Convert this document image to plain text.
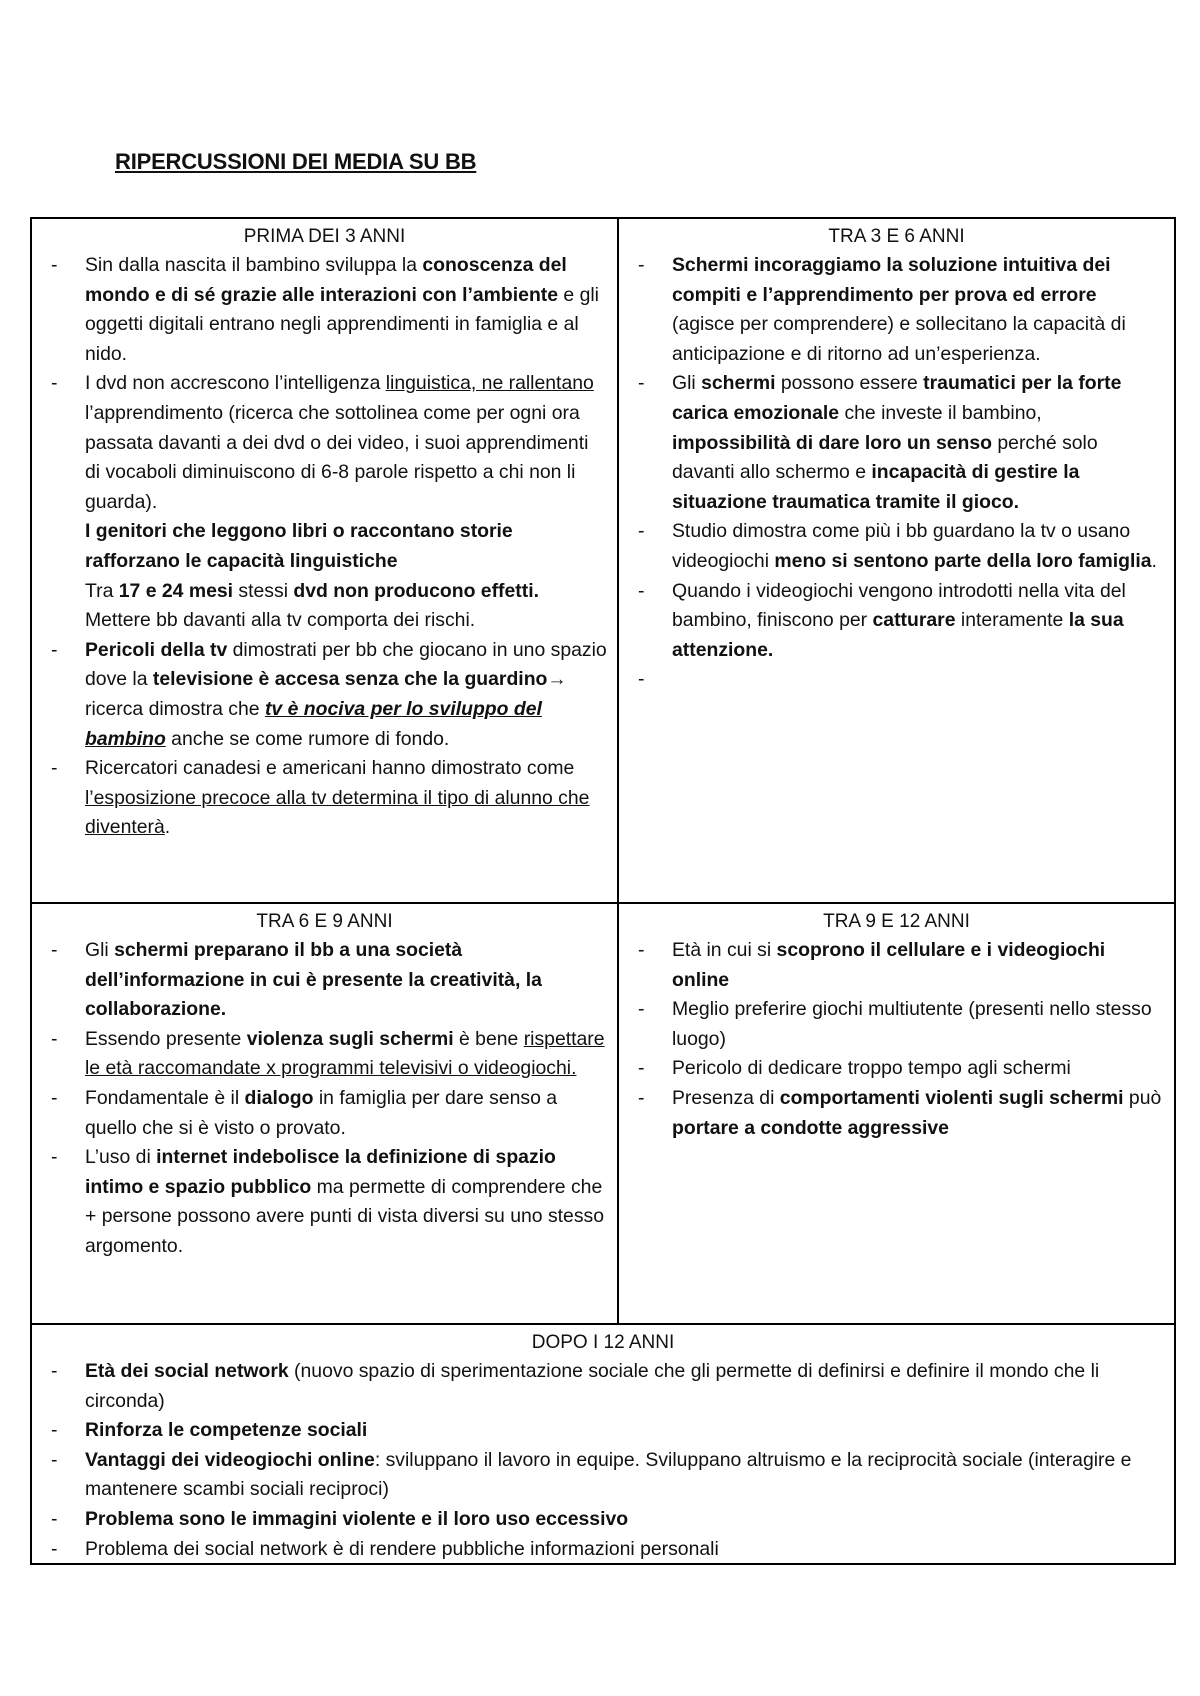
RIPERCUSSIONI DEI MEDIA SU BB
PRIMA DEI 3 ANNI
- Sin dalla nascita il bambino sviluppa la conoscenza del mondo e di sé grazie alle interazioni con l’ambiente e gli oggetti digitali entrano negli apprendimenti in famiglia e al nido.
- I dvd non accrescono l’intelligenza linguistica, ne rallentano l’apprendimento (ricerca che sottolinea come per ogni ora passata davanti a dei dvd o dei video, i suoi apprendimenti di vocaboli diminuiscono di 6-8 parole rispetto a chi non li guarda).
I genitori che leggono libri o raccontano storie rafforzano le capacità linguistiche
Tra 17 e 24 mesi stessi dvd non producono effetti. Mettere bb davanti alla tv comporta dei rischi.
- Pericoli della tv dimostrati per bb che giocano in uno spazio dove la televisione è accesa senza che la guardino→ ricerca dimostra che tv è nociva per lo sviluppo del bambino anche se come rumore di fondo.
- Ricercatori canadesi e americani hanno dimostrato come l’esposizione precoce alla tv determina il tipo di alunno che diventerà.
TRA 3 E 6 ANNI
- Schermi incoraggiamo la soluzione intuitiva dei compiti e l’apprendimento per prova ed errore (agisce per comprendere) e sollecitano la capacità di anticipazione e di ritorno ad un’esperienza.
- Gli schermi possono essere traumatici per la forte carica emozionale che investe il bambino, impossibilità di dare loro un senso perché solo davanti allo schermo e incapacità di gestire la situazione traumatica tramite il gioco.
- Studio dimostra come più i bb guardano la tv o usano videogiochi meno si sentono parte della loro famiglia.
- Quando i videogiochi vengono introdotti nella vita del bambino, finiscono per catturare interamente la sua attenzione.
TRA 6 E 9 ANNI
- Gli schermi preparano il bb a una società dell’informazione in cui è presente la creatività, la collaborazione.
- Essendo presente violenza sugli schermi è bene rispettare le età raccomandate x programmi televisivi o videogiochi.
- Fondamentale è il dialogo in famiglia per dare senso a quello che si è visto o provato.
- L’uso di internet indebolisce la definizione di spazio intimo e spazio pubblico ma permette di comprendere che + persone possono avere punti di vista diversi su uno stesso argomento.
TRA 9 E 12 ANNI
- Età in cui si scoprono il cellulare e i videogiochi online
- Meglio preferire giochi multiutente (presenti nello stesso luogo)
- Pericolo di dedicare troppo tempo agli schermi
- Presenza di comportamenti violenti sugli schermi può portare a condotte aggressive
DOPO I 12 ANNI
- Età dei social network (nuovo spazio di sperimentazione sociale che gli permette di definirsi e definire il mondo che li circonda)
- Rinforza le competenze sociali
- Vantaggi dei videogiochi online: sviluppano il lavoro in equipe. Sviluppano altruismo e la reciprocità sociale (interagire e mantenere scambi sociali reciproci)
- Problema sono le immagini violente e il loro uso eccessivo
- Problema dei social network è di rendere pubbliche informazioni personali
